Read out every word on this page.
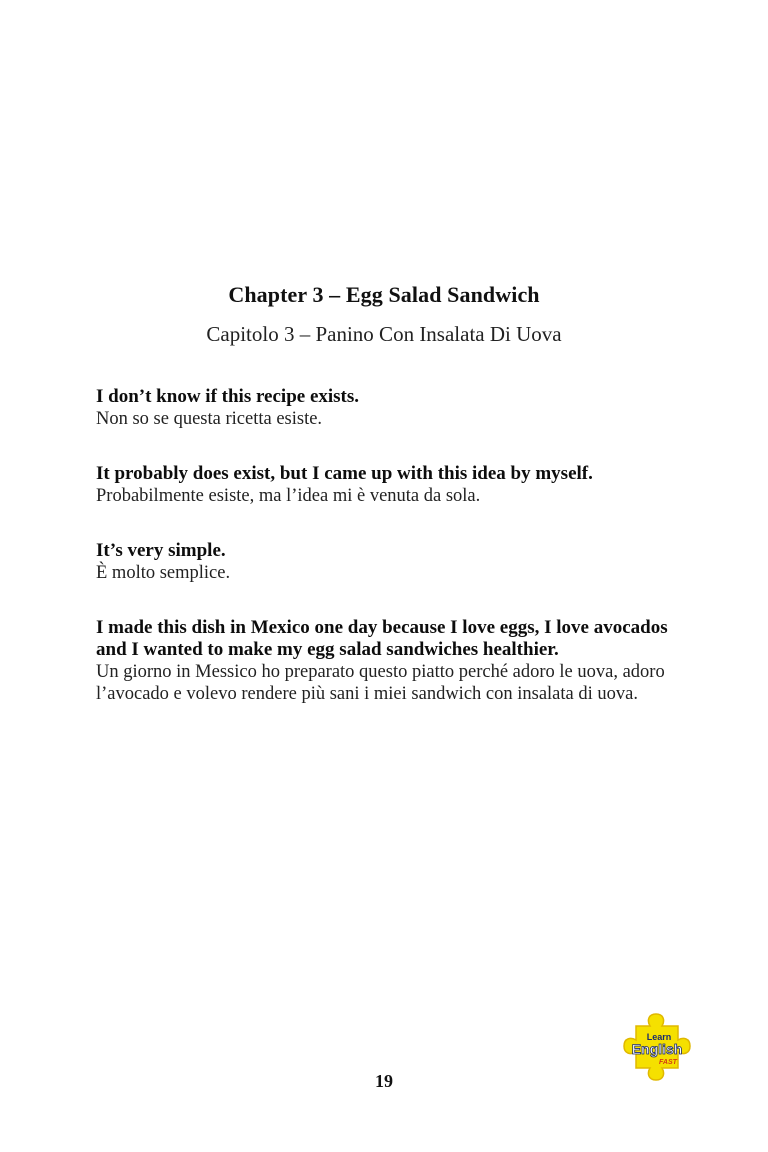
Chapter 3 – Egg Salad Sandwich
Capitolo 3 – Panino Con Insalata Di Uova
I don’t know if this recipe exists.
Non so se questa ricetta esiste.
It probably does exist, but I came up with this idea by myself.
Probabilmente esiste, ma l’idea mi è venuta da sola.
It’s very simple.
È molto semplice.
I made this dish in Mexico one day because I love eggs, I love avocados and I wanted to make my egg salad sandwiches healthier.
Un giorno in Messico ho preparato questo piatto perché adoro le uova, adoro l’avocado e volevo rendere più sani i miei sandwich con insalata di uova.
19
Learn
English
FAST
